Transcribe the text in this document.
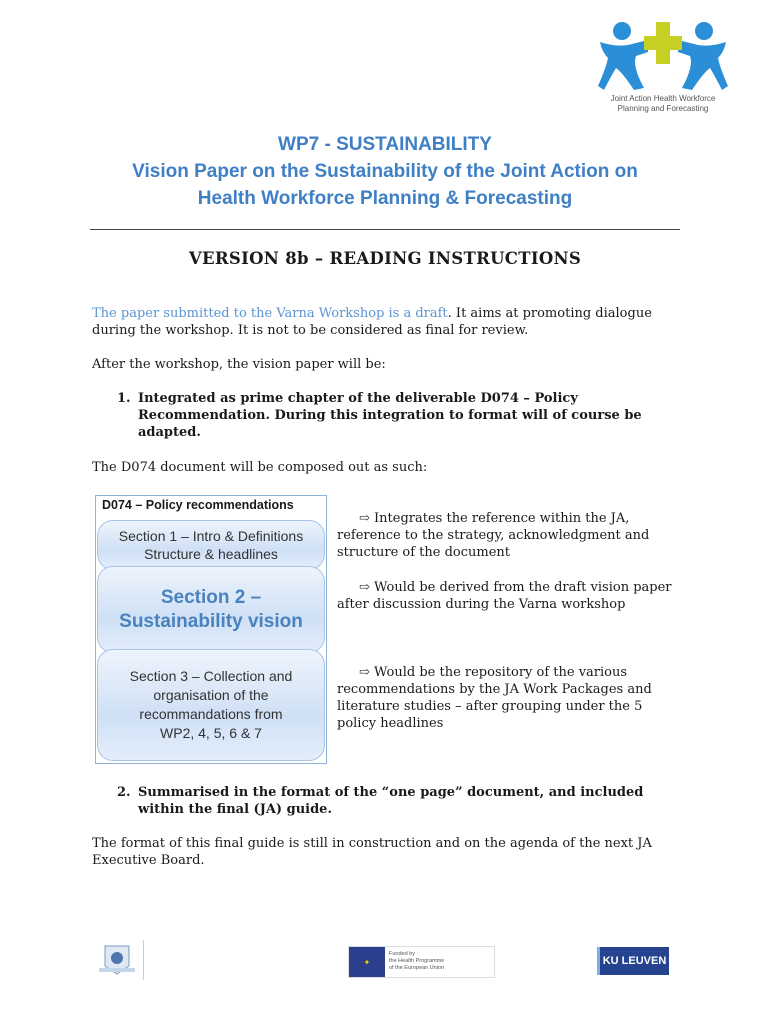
Joint Action Health Workforce
Planning and Forecasting
WP7 - SUSTAINABILITY
Vision Paper on the Sustainability of the Joint Action on
Health Workforce Planning & Forecasting
VERSION 8b – READING INSTRUCTIONS
The paper submitted to the Varna Workshop is a draft. It aims at promoting dialogue during the workshop. It is not to be considered as final for review.
After the workshop, the vision paper will be:
1. Integrated as prime chapter of the deliverable D074 – Policy Recommendation. During this integration to format will of course be adapted.
The D074 document will be composed out as such:
D074 – Policy recommendations
Section 1 – Intro & Definitions
Structure & headlines
Section 2 –
Sustainability vision
Section 3 – Collection and
organisation of the
recommandations from
WP2, 4, 5, 6 & 7
⇨ Integrates the reference within the JA, reference to the strategy, acknowledgment and structure of the document
⇨ Would be derived from the draft vision paper after discussion during the Varna workshop
⇨ Would be the repository of the various recommendations by the JA Work Packages and literature studies – after grouping under the 5 policy headlines
2. Summarised in the format of the “one page” document, and included within the final (JA) guide.
The format of this final guide is still in construction and on the agenda of the next JA Executive Board.
✦
Funded by
the Health Programme
of the European Union
KU LEUVEN
